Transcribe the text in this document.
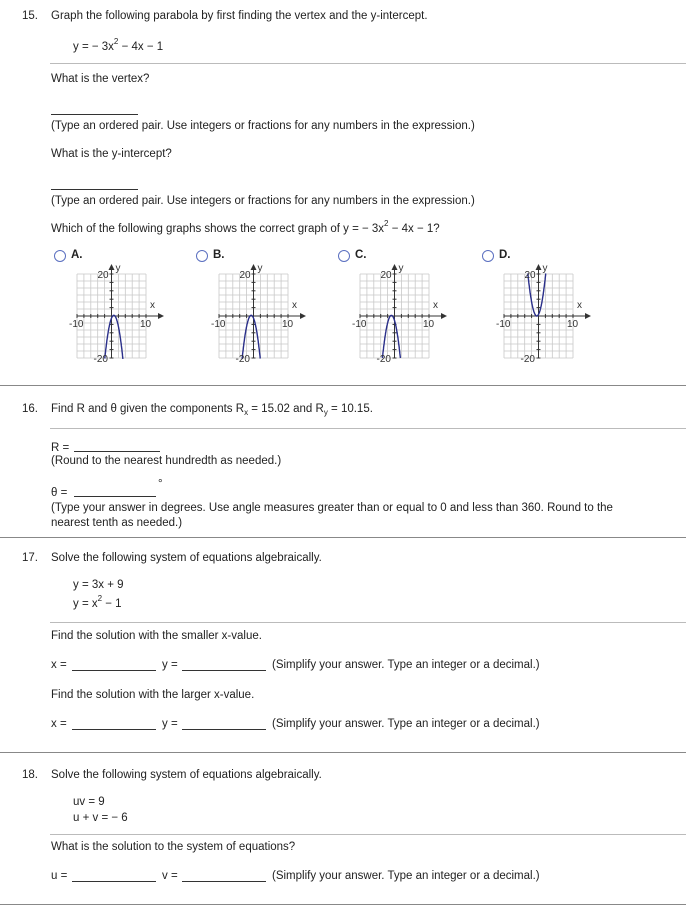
15. Graph the following parabola by first finding the vertex and the y-intercept.
y = − $3x^2 - 4x - 1$
What is the vertex?
(Type an ordered pair. Use integers or fractions for any numbers in the expression.)
What is the y-intercept?
(Type an ordered pair. Use integers or fractions for any numbers in the expression.)
Which of the following graphs shows the correct graph of y = − $3x^2 - 4x - 1$?
A.
x
y
-10	10
20
-20
B.
x
y
-10	10
20
-20
C.
x
y
-10	10
20
-20
D.
x
y
-10	10
20
-20
16. Find R and θ given the components $R_x = 15.02$ and $R_y = 10.15$.
R =
(Round to the nearest hundredth as needed.)
θ =
°
(Type your answer in degrees. Use angle measures greater than or equal to 0 and less than 360. Round to the
nearest tenth as needed.)
17. Solve the following system of equations algebraically.
y = 3x + 9
$y = x^2 - 1$
Find the solution with the smaller x-value.
x =	y =	(Simplify your answer. Type an integer or a decimal.)
Find the solution with the larger x-value.
x =	y =	(Simplify your answer. Type an integer or a decimal.)
18. Solve the following system of equations algebraically.
uv = 9
u + v = − 6
What is the solution to the system of equations?
u =	v =	(Simplify your answer. Type an integer or a decimal.)
